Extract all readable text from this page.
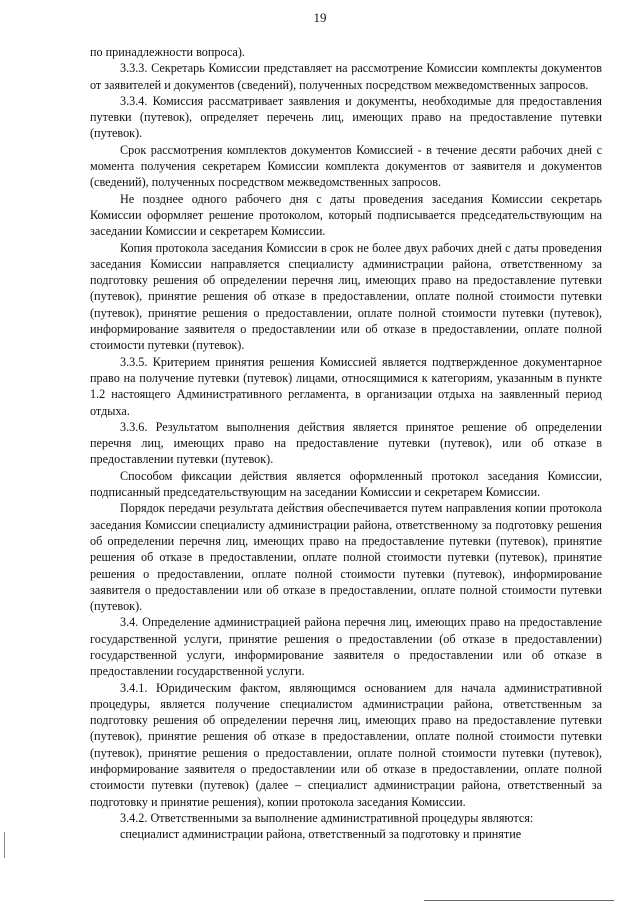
19

по принадлежности вопроса).

3.3.3. Секретарь Комиссии представляет на рассмотрение Комиссии комплекты документов от заявителей и документов (сведений), полученных посредством межведомственных запросов.

3.3.4. Комиссия рассматривает заявления и документы, необходимые для предоставления путевки (путевок), определяет перечень лиц, имеющих право на предоставление путевки (путевок).

Срок рассмотрения комплектов документов Комиссией - в течение десяти рабочих дней с момента получения секретарем Комиссии комплекта документов от заявителя и документов (сведений), полученных посредством межведомственных запросов.

Не позднее одного рабочего дня с даты проведения заседания Комиссии секретарь Комиссии оформляет решение протоколом, который подписывается председательствующим на заседании Комиссии и секретарем Комиссии.

Копия протокола заседания Комиссии в срок не более двух рабочих дней с даты проведения заседания Комиссии направляется специалисту администрации района, ответственному за подготовку решения об определении перечня лиц, имеющих право на предоставление путевки (путевок), принятие решения об отказе в предоставлении, оплате полной стоимости путевки (путевок), принятие решения о предоставлении, оплате полной стоимости путевки (путевок), информирование заявителя о предоставлении или об отказе в предоставлении, оплате полной стоимости путевки (путевок).

3.3.5. Критерием принятия решения Комиссией является подтвержденное документарное право на получение путевки (путевок) лицами, относящимися к категориям, указанным в пункте 1.2 настоящего Административного регламента, в организации отдыха на заявленный период отдыха.

3.3.6. Результатом выполнения действия является принятое решение об определении перечня лиц, имеющих право на предоставление путевки (путевок), или об отказе в предоставлении путевки (путевок).

Способом фиксации действия является оформленный протокол заседания Комиссии, подписанный председательствующим на заседании Комиссии и секретарем Комиссии.

Порядок передачи результата действия обеспечивается путем направления копии протокола заседания Комиссии специалисту администрации района, ответственному за подготовку решения об определении перечня лиц, имеющих право на предоставление путевки (путевок), принятие решения об отказе в предоставлении, оплате полной стоимости путевки (путевок), принятие решения о предоставлении, оплате полной стоимости путевки (путевок), информирование заявителя о предоставлении или об отказе в предоставлении, оплате полной стоимости путевки (путевок).

3.4. Определение администрацией района перечня лиц, имеющих право на предоставление государственной услуги, принятие решения о предоставлении (об отказе в предоставлении) государственной услуги, информирование заявителя о предоставлении или об отказе в предоставлении государственной услуги.

3.4.1. Юридическим фактом, являющимся основанием для начала административной процедуры, является получение специалистом администрации района, ответственным за подготовку решения об определении перечня лиц, имеющих право на предоставление путевки (путевок), принятие решения об отказе в предоставлении, оплате полной стоимости путевки (путевок), принятие решения о предоставлении, оплате полной стоимости путевки (путевок), информирование заявителя о предоставлении или об отказе в предоставлении, оплате полной стоимости путевки (путевок) (далее – специалист администрации района, ответственный за подготовку и принятие решения), копии протокола заседания Комиссии.

3.4.2. Ответственными за выполнение административной процедуры являются:

специалист администрации района, ответственный за подготовку и принятие
